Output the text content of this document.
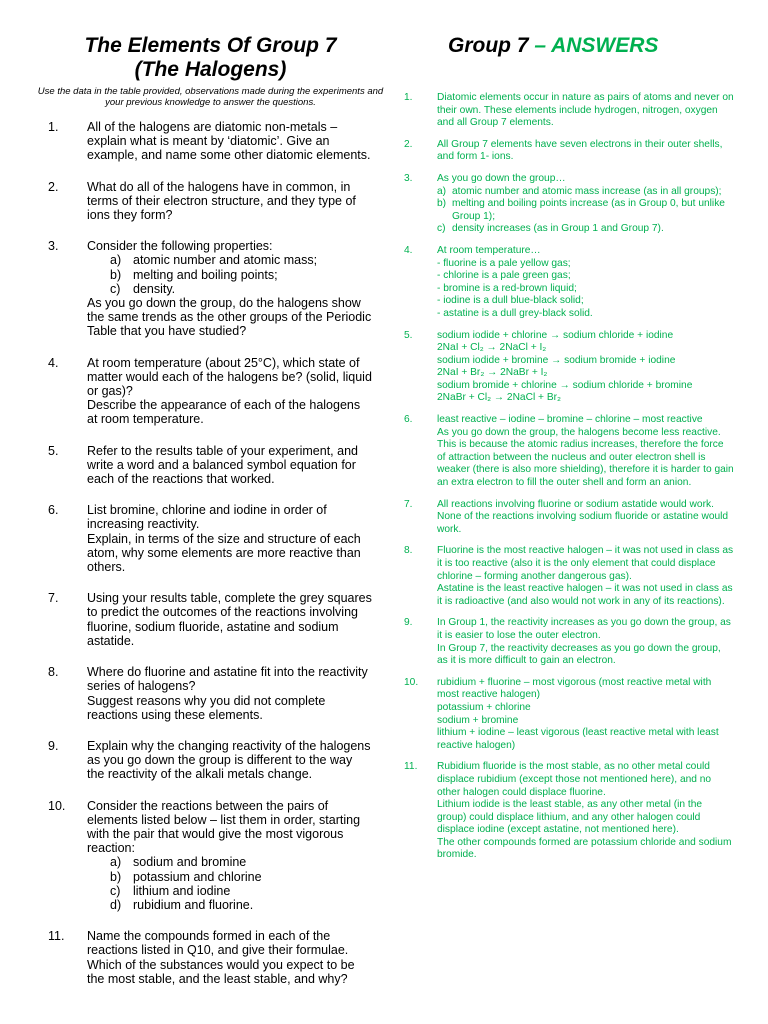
The Elements Of Group 7
(The Halogens)

Use the data in the table provided, observations made during the experiments and your previous knowledge to answer the questions.

1.	All of the halogens are diatomic non-metals – explain what is meant by ‘diatomic’. Give an example, and name some other diatomic elements.

2.	What do all of the halogens have in common, in terms of their electron structure, and they type of ions they form?

3.	Consider the following properties:

a) atomic number and atomic mass;
b) melting and boiling points;
c)	density.

As you go down the group, do the halogens show the same trends as the other groups of the Periodic Table that you have studied?

4.	At room temperature (about 25°C), which state of matter would each of the halogens be? (solid, liquid or gas)?

Describe the appearance of each of the halogens at room temperature.

5.	Refer to the results table of your experiment, and write a word and a balanced symbol equation for each of the reactions that worked.

6.	List bromine, chlorine and iodine in order of increasing reactivity.

Explain, in terms of the size and structure of each atom, why some elements are more reactive than others.

7.	Using your results table, complete the grey squares to predict the outcomes of the reactions involving fluorine, sodium fluoride, astatine and sodium astatide.

8.	Where do fluorine and astatine fit into the reactivity series of halogens?

Suggest reasons why you did not complete reactions using these elements.

9.	Explain why the changing reactivity of the halogens as you go down the group is different to the way the reactivity of the alkali metals change.

10.	Consider the reactions between the pairs of elements listed below – list them in order, starting with the pair that would give the most vigorous reaction:

a) sodium and bromine
b) potassium and chlorine
c)	lithium and iodine
d) rubidium and fluorine.
11.	Name the compounds formed in each of the reactions listed in Q10, and give their formulae. Which of the substances would you expect to be the most stable, and the least stable, and why?

Group 7 – ANSWERS
1.	Diatomic elements occur in nature as pairs of atoms and never on their own. These elements include hydrogen, nitrogen, oxygen and all Group 7 elements.

2.	All Group 7 elements have seven electrons in their outer shells, and form 1- ions.

3.	As you go down the group…

a) atomic number and atomic mass increase (as in all groups);
b) melting and boiling points increase (as in Group 0, but unlike Group 1);
c) density increases (as in Group 1 and Group 7).
4.	At room temperature…

- fluorine is a pale yellow gas;

- chlorine is a pale green gas;

- bromine is a red-brown liquid;

- iodine is a dull blue-black solid;

- astatine is a dull grey-black solid.

5.	sodium iodide + chlorine → sodium chloride + iodine

2NaI + Cl₂ → 2NaCl + I₂

sodium iodide + bromine → sodium bromide + iodine

2NaI + Br₂ → 2NaBr + I₂

sodium bromide + chlorine → sodium chloride + bromine

2NaBr + Cl₂ → 2NaCl + Br₂

6.	least reactive – iodine – bromine – chlorine – most reactive

As you go down the group, the halogens become less reactive. This is because the atomic radius increases, therefore the force of attraction between the nucleus and outer electron shell is weaker (there is also more shielding), therefore it is harder to gain an extra electron to fill the outer shell and form an anion.

7.	All reactions involving fluorine or sodium astatide would work.

None of the reactions involving sodium fluoride or astatine would work.

8.	Fluorine is the most reactive halogen – it was not used in class as it is too reactive (also it is the only element that could displace chlorine – forming another dangerous gas).

Astatine is the least reactive halogen – it was not used in class as it is radioactive (and also would not work in any of its reactions).

9.	In Group 1, the reactivity increases as you go down the group, as it is easier to lose the outer electron.

In Group 7, the reactivity decreases as you go down the group, as it is more difficult to gain an electron.

10.	rubidium + fluorine – most vigorous (most reactive metal with most reactive halogen)

potassium + chlorine

sodium + bromine

lithium + iodine – least vigorous (least reactive metal with least reactive halogen)

11.	Rubidium fluoride is the most stable, as no other metal could displace rubidium (except those not mentioned here), and no other halogen could displace fluorine.

Lithium iodide is the least stable, as any other metal (in the group) could displace lithium, and any other halogen could displace iodine (except astatine, not mentioned here).

The other compounds formed are potassium chloride and sodium bromide.
